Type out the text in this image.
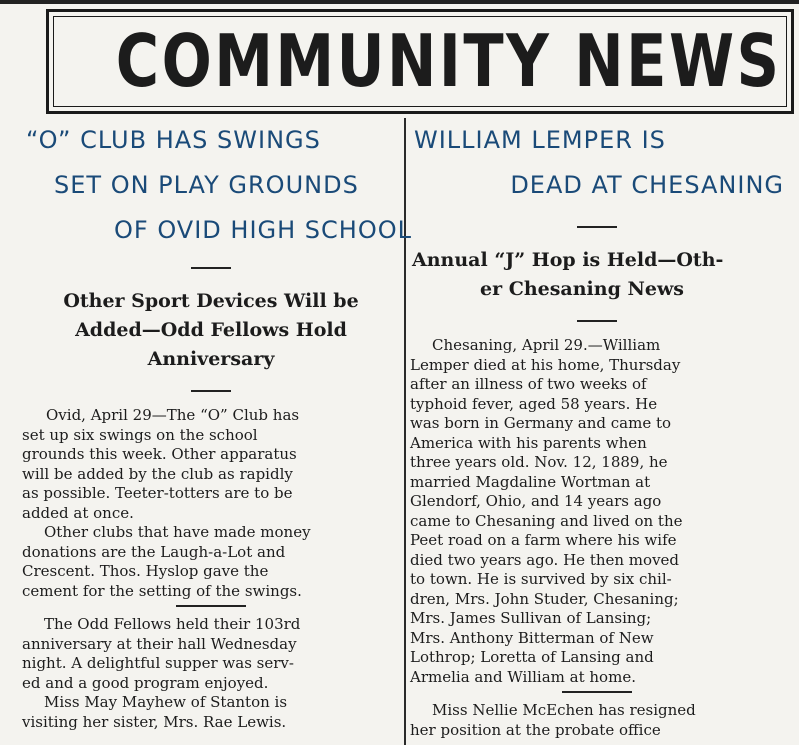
COMMUNITY NEWS
“O” CLUB HAS SWINGS
SET ON PLAY GROUNDS
OF OVID HIGH SCHOOL
Other Sport Devices Will be
Added—Odd Fellows Hold
Anniversary
Ovid, April 29—The “O” Club has
set up six swings on the school
grounds this week. Other apparatus
will be added by the club as rapidly
as possible. Teeter-totters are to be
added at once.
Other clubs that have made money
donations are the Laugh-a-Lot and
Crescent. Thos. Hyslop gave the
cement for the setting of the swings.
The Odd Fellows held their 103rd
anniversary at their hall Wednesday
night. A delightful supper was serv-
ed and a good program enjoyed.
Miss May Mayhew of Stanton is
visiting her sister, Mrs. Rae Lewis.
WILLIAM LEMPER IS
DEAD AT CHESANING
Annual “J” Hop is Held—Oth-
er Chesaning News
Chesaning, April 29.—William
Lemper died at his home, Thursday
after an illness of two weeks of
typhoid fever, aged 58 years. He
was born in Germany and came to
America with his parents when
three years old. Nov. 12, 1889, he
married Magdaline Wortman at
Glendorf, Ohio, and 14 years ago
came to Chesaning and lived on the
Peet road on a farm where his wife
died two years ago. He then moved
to town. He is survived by six chil-
dren, Mrs. John Studer, Chesaning;
Mrs. James Sullivan of Lansing;
Mrs. Anthony Bitterman of New
Lothrop; Loretta of Lansing and
Armelia and William at home.
Miss Nellie McEchen has resigned
her position at the probate office
